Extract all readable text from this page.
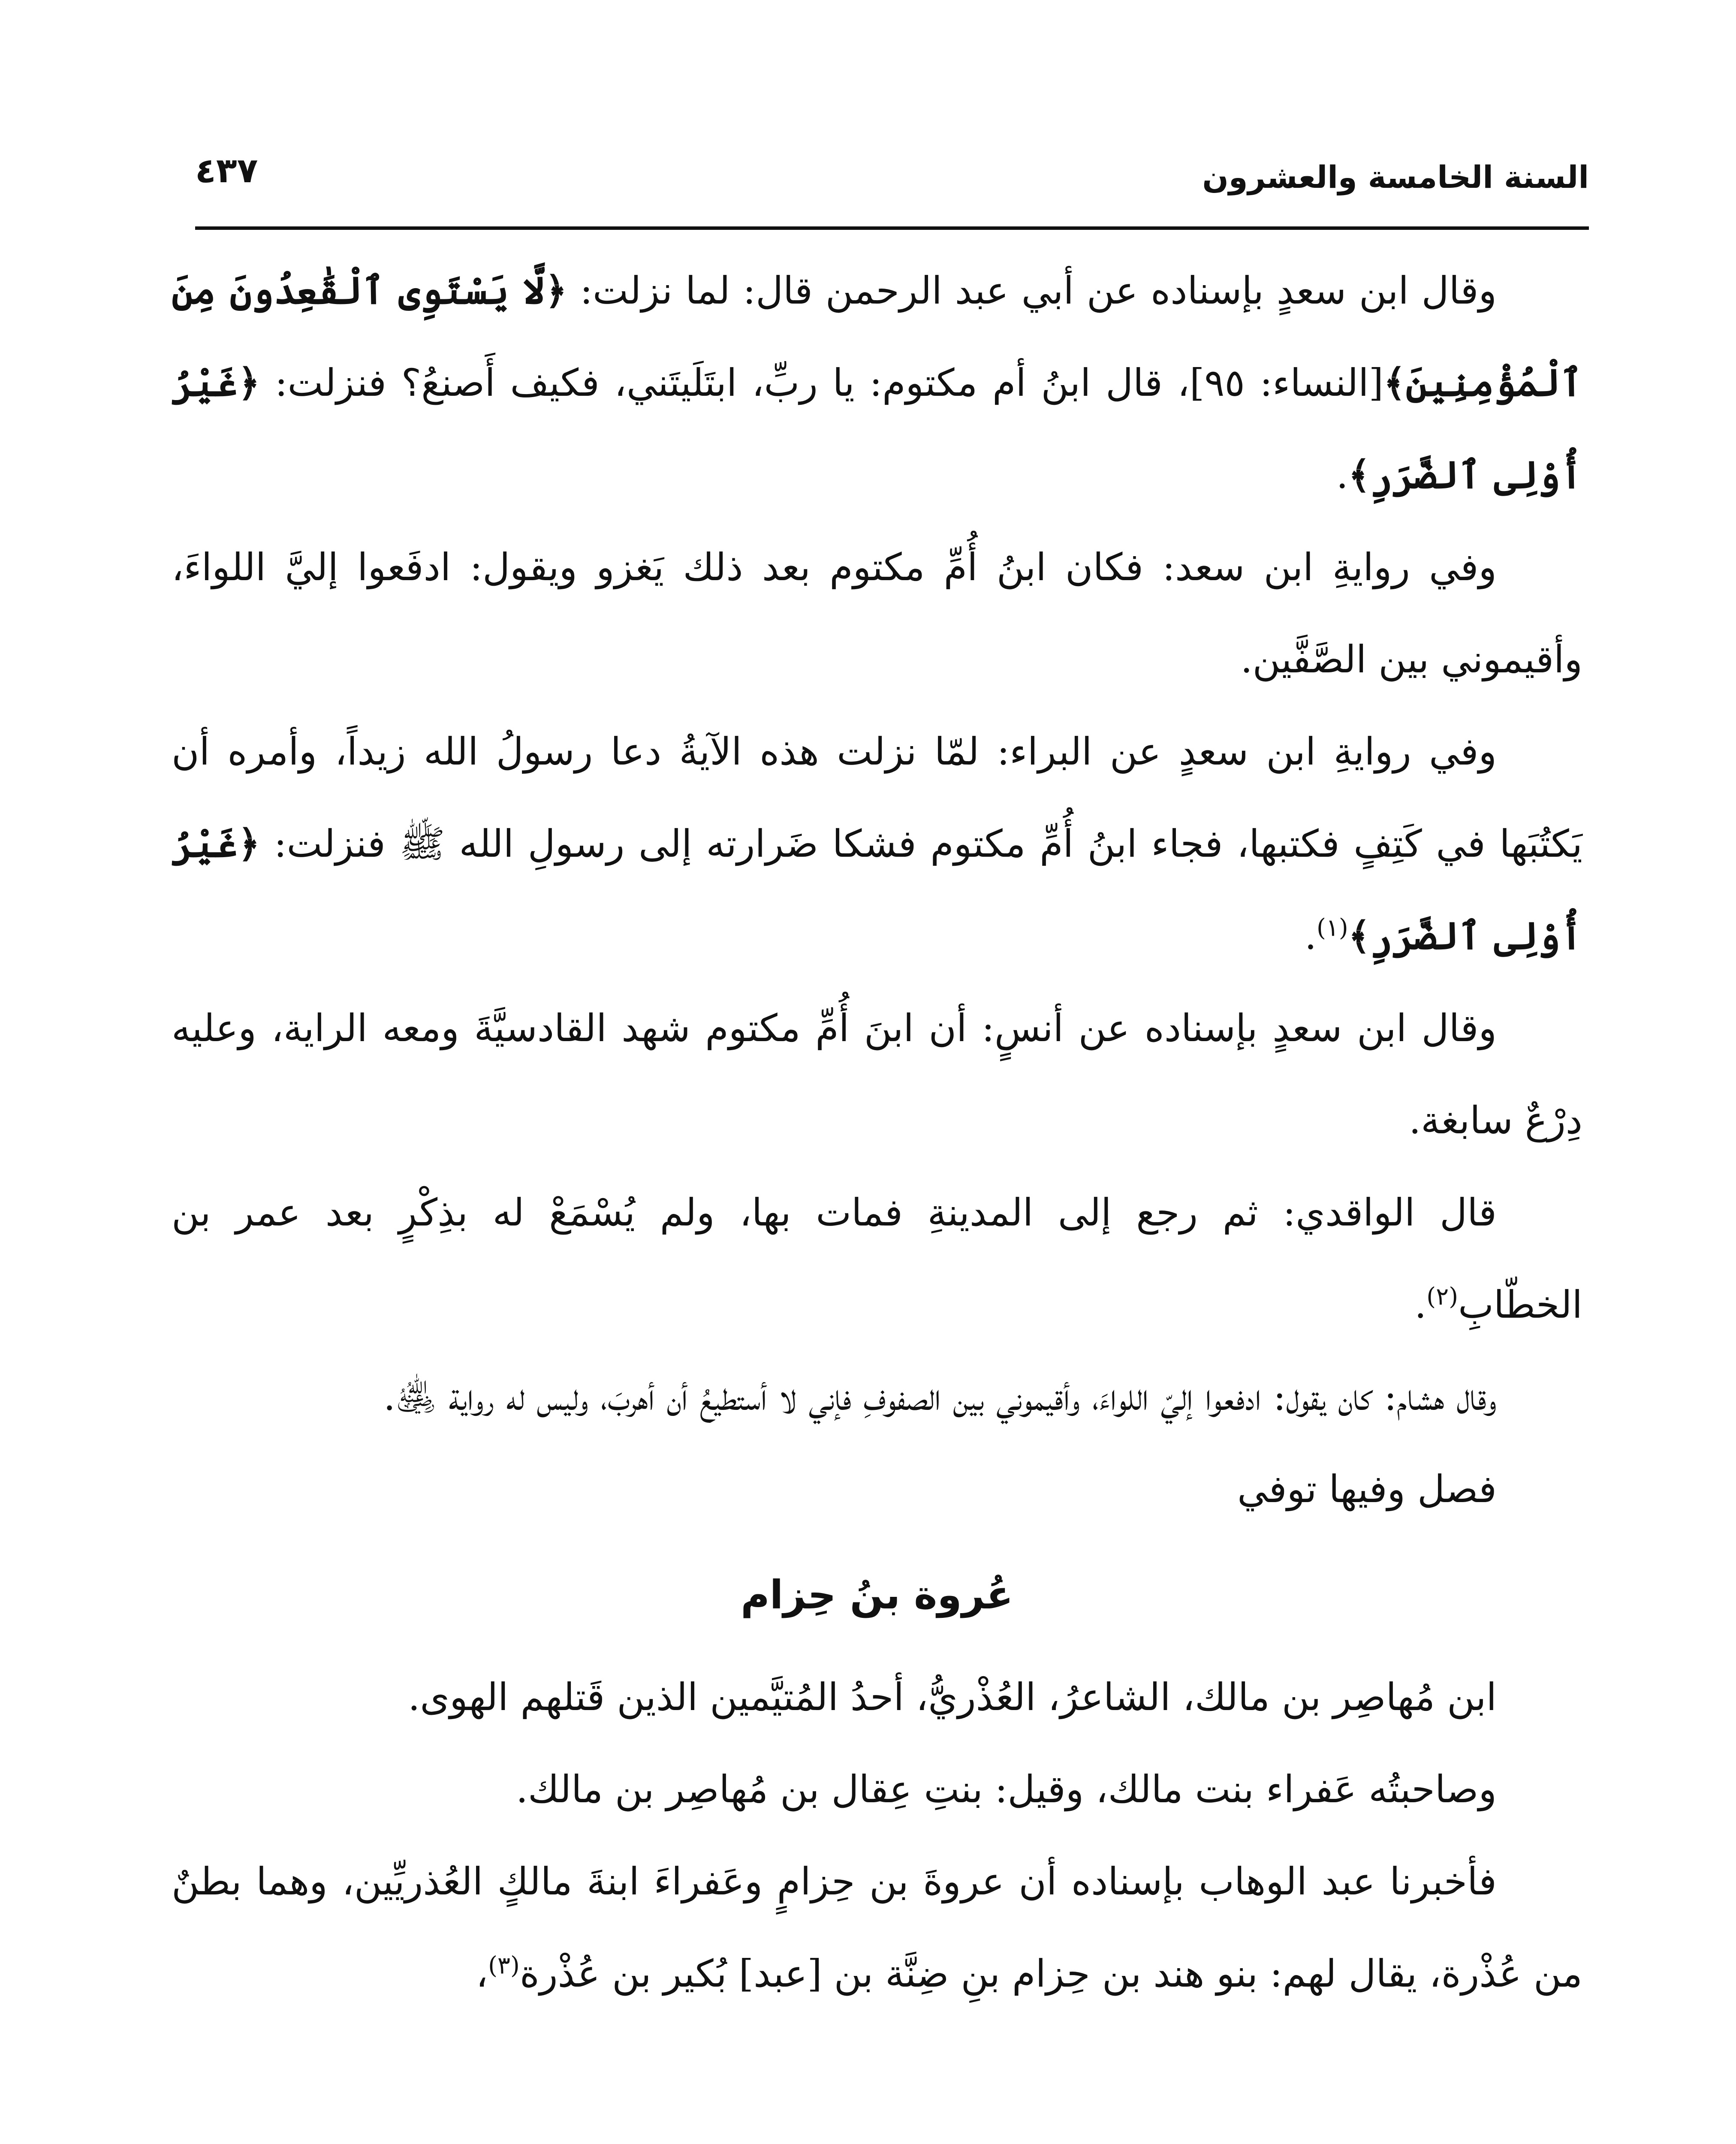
السنة الخامسة والعشرون
٤٣٧

وقال ابن سعدٍ بإسناده عن أبي عبد الرحمن قال: لما نزلت: ﴿لَّا يَسْتَوِى ٱلْقَٰعِدُونَ مِنَ ٱلْمُؤْمِنِينَ﴾[النساء: ٩٥]، قال ابنُ أم مكتوم: يا ربِّ، ابتَلَيتَني، فكيف أَصنعُ؟ فنزلت: ﴿غَيْرُ أُوْلِى ٱلضَّرَرِ﴾.

وفي روايةِ ابن سعد: فكان ابنُ أُمِّ مكتوم بعد ذلك يَغزو ويقول: ادفَعوا إليَّ اللواءَ، وأقيموني بين الصَّفَّين.

وفي روايةِ ابن سعدٍ عن البراء: لمّا نزلت هذه الآيةُ دعا رسولُ الله زيداً، وأمره أن يَكتُبَها في كَتِفٍ فكتبها، فجاء ابنُ أُمِّ مكتوم فشكا ضَرارته إلى رسولِ الله ﷺ فنزلت: ﴿غَيْرُ أُوْلِى ٱلضَّرَرِ﴾$^{(١)}$.

وقال ابن سعدٍ بإسناده عن أنسٍ: أن ابنَ أُمِّ مكتوم شهد القادسيَّةَ ومعه الراية، وعليه دِرْعٌ سابغة.

قال الواقدي: ثم رجع إلى المدينةِ فمات بها، ولم يُسْمَعْ له بذِكْرٍ بعد عمر بن الخطّابِ$^{(٢)}$.

وقال هشام: كان يقول: ادفعوا إليّ اللواءَ، وأقيموني بين الصفوفِ فإني لا أستطيعُ أن أهربَ، وليس له رواية ﵁.

فصل وفيها توفي

عُروة بنُ حِزام

ابن مُهاصِر بن مالك، الشاعرُ، العُذْريُّ، أحدُ المُتيَّمين الذين قَتلهم الهوى.

وصاحبتُه عَفراء بنت مالك، وقيل: بنتِ عِقال بن مُهاصِر بن مالك.

فأخبرنا عبد الوهاب بإسناده أن عروةَ بن حِزامٍ وعَفراءَ ابنةَ مالكٍ العُذريِّين، وهما بطنٌ من عُذْرة، يقال لهم: بنو هند بن حِزام بنِ ضِنَّة بن [عبد] بُكير بن عُذْرة$^{(٣)}$،
